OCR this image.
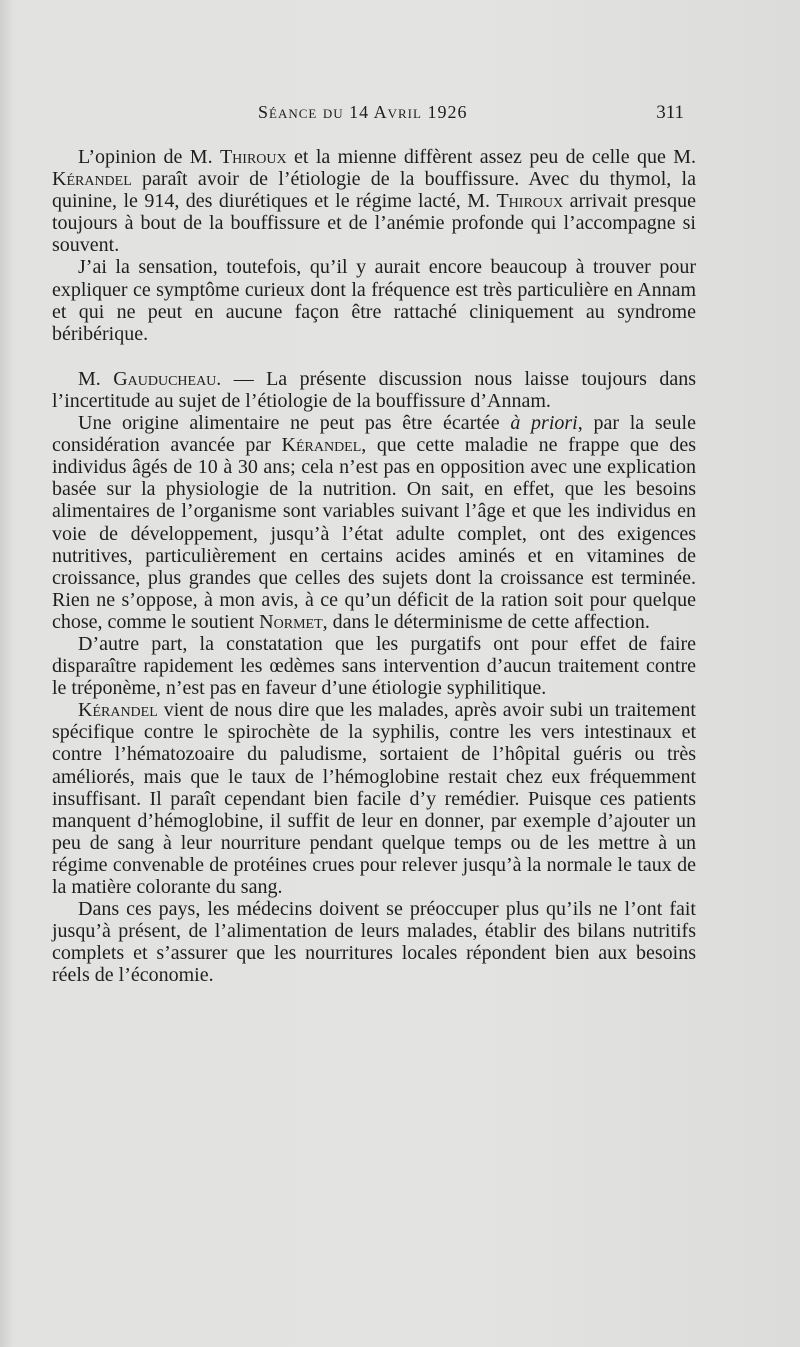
Séance du 14 Avril 1926	311

L’opinion de M. Thiroux et la mienne diffèrent assez peu de celle que M. Kérandel paraît avoir de l’étiologie de la bouffissure. Avec du thymol, la quinine, le 914, des diurétiques et le régime lacté, M. Thiroux arrivait presque toujours à bout de la bouffissure et de l’anémie profonde qui l’accompagne si souvent.

J’ai la sensation, toutefois, qu’il y aurait encore beaucoup à trouver pour expliquer ce symptôme curieux dont la fréquence est très particulière en Annam et qui ne peut en aucune façon être rattaché cliniquement au syndrome béribérique.

M. Gauducheau. — La présente discussion nous laisse toujours dans l’incertitude au sujet de l’étiologie de la bouffissure d’Annam.

Une origine alimentaire ne peut pas être écartée à priori, par la seule considération avancée par Kérandel, que cette maladie ne frappe que des individus âgés de 10 à 30 ans; cela n’est pas en opposition avec une explication basée sur la physiologie de la nutrition. On sait, en effet, que les besoins alimentaires de l’organisme sont variables suivant l’âge et que les individus en voie de développement, jusqu’à l’état adulte complet, ont des exigences nutritives, particulièrement en certains acides aminés et en vitamines de croissance, plus grandes que celles des sujets dont la croissance est terminée. Rien ne s’oppose, à mon avis, à ce qu’un déficit de la ration soit pour quelque chose, comme le soutient Normet, dans le déterminisme de cette affection.

D’autre part, la constatation que les purgatifs ont pour effet de faire disparaître rapidement les œdèmes sans intervention d’aucun traitement contre le tréponème, n’est pas en faveur d’une étiologie syphilitique.

Kérandel vient de nous dire que les malades, après avoir subi un traitement spécifique contre le spirochète de la syphilis, contre les vers intestinaux et contre l’hématozoaire du paludisme, sortaient de l’hôpital guéris ou très améliorés, mais que le taux de l’hémoglobine restait chez eux fréquemment insuffisant. Il paraît cependant bien facile d’y remédier. Puisque ces patients manquent d’hémoglobine, il suffit de leur en donner, par exemple d’ajouter un peu de sang à leur nourriture pendant quelque temps ou de les mettre à un régime convenable de protéines crues pour relever jusqu’à la normale le taux de la matière colorante du sang.

Dans ces pays, les médecins doivent se préoccuper plus qu’ils ne l’ont fait jusqu’à présent, de l’alimentation de leurs malades, établir des bilans nutritifs complets et s’assurer que les nourritures locales répondent bien aux besoins réels de l’économie.
